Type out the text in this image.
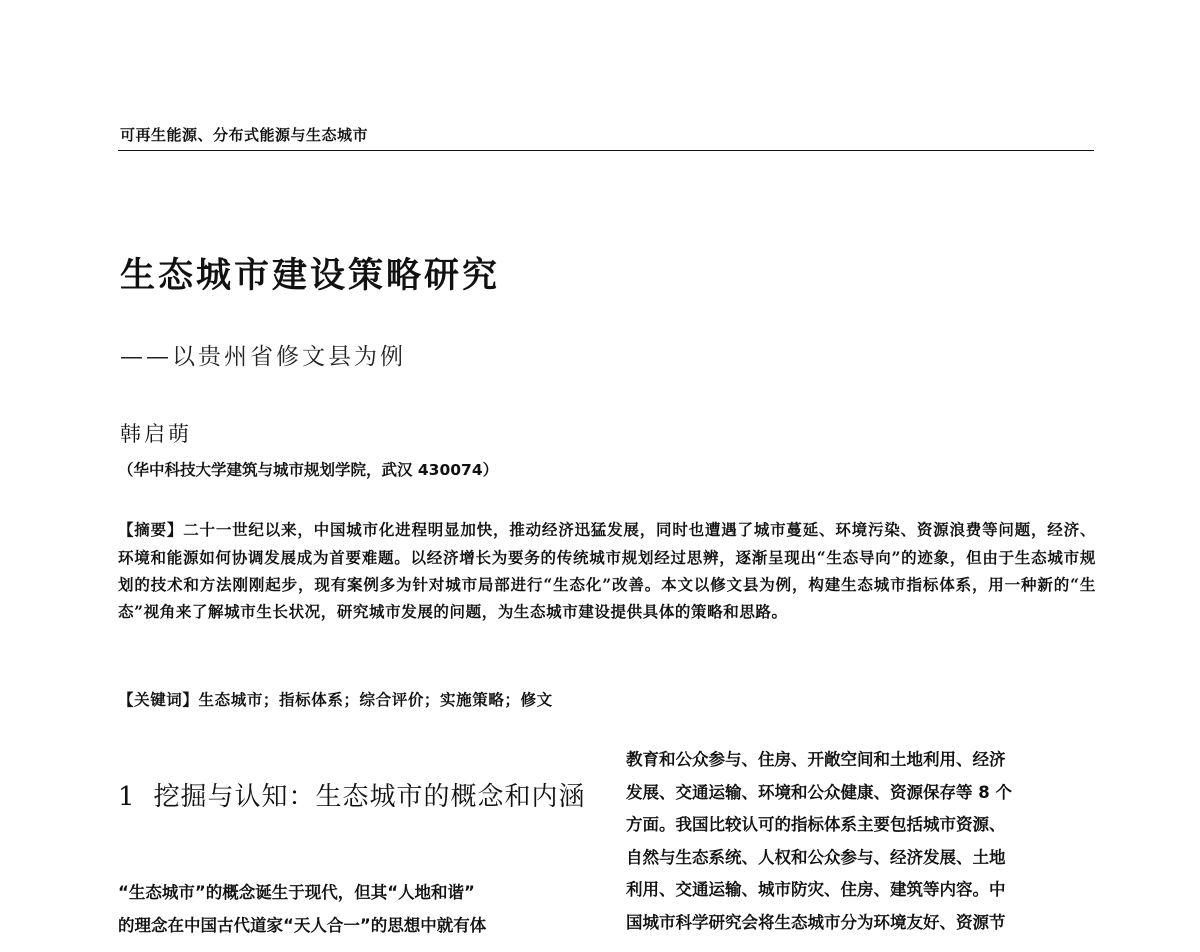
可再生能源、分布式能源与生态城市
生态城市建设策略研究
——以贵州省修文县为例
韩启萌
（华中科技大学建筑与城市规划学院，武汉 430074）
【摘要】二十一世纪以来，中国城市化进程明显加快，推动经济迅猛发展，同时也遭遇了城市蔓延、环境污染、资源浪费等问题，经济、环境和能源如何协调发展成为首要难题。以经济增长为要务的传统城市规划经过思辨，逐渐呈现出“生态导向”的迹象，但由于生态城市规划的技术和方法刚刚起步，现有案例多为针对城市局部进行“生态化”改善。本文以修文县为例，构建生态城市指标体系，用一种新的“生态”视角来了解城市生长状况，研究城市发展的问题，为生态城市建设提供具体的策略和思路。
【关键词】生态城市；指标体系；综合评价；实施策略；修文
1 挖掘与认知：生态城市的概念和内涵
“生态城市”的概念诞生于现代，但其“人地和谐”
的理念在中国古代道家“天人合一”的思想中就有体
教育和公众参与、住房、开敞空间和土地利用、经济
发展、交通运输、环境和公众健康、资源保存等 8 个
方面。我国比较认可的指标体系主要包括城市资源、
自然与生态系统、人权和公众参与、经济发展、土地
利用、交通运输、城市防灾、住房、建筑等内容。中
国城市科学研究会将生态城市分为环境友好、资源节
